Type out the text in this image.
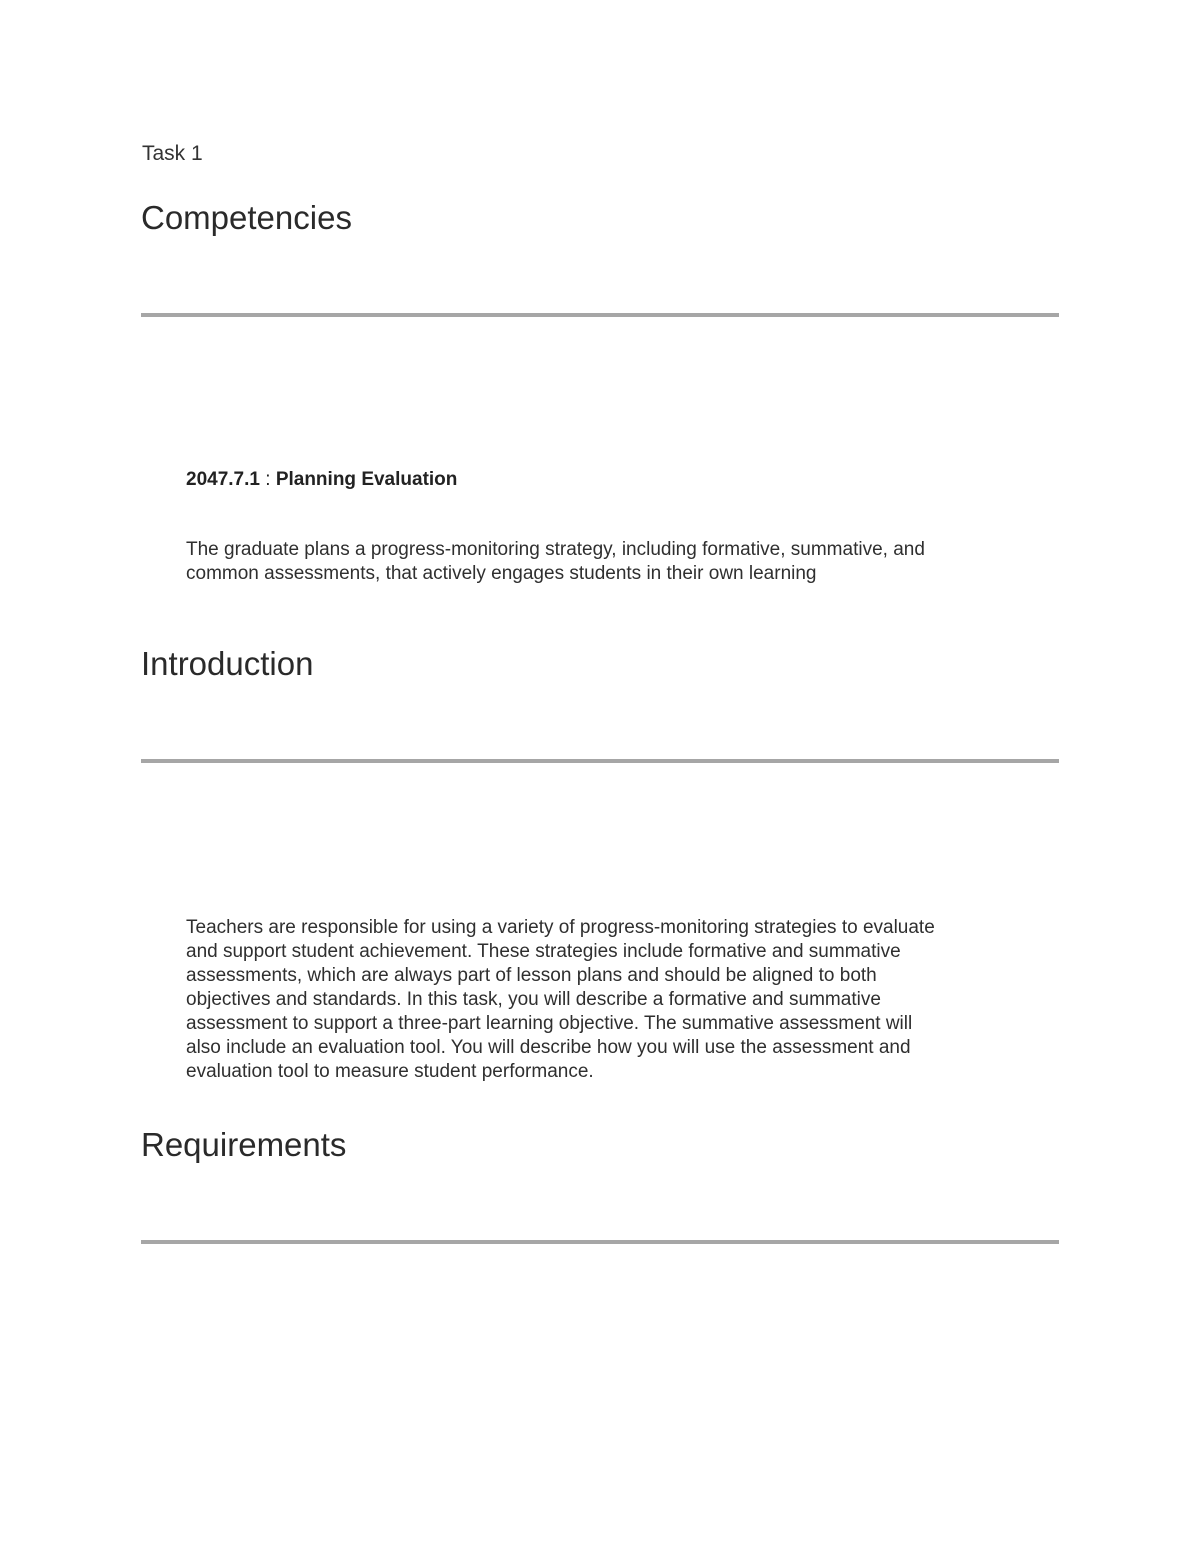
Task 1
Competencies
2047.7.1 : Planning Evaluation
The graduate plans a progress-monitoring strategy, including formative, summative, and
common assessments, that actively engages students in their own learning
Introduction
Teachers are responsible for using a variety of progress-monitoring strategies to evaluate
and support student achievement. These strategies include formative and summative
assessments, which are always part of lesson plans and should be aligned to both
objectives and standards. In this task, you will describe a formative and summative
assessment to support a three-part learning objective. The summative assessment will
also include an evaluation tool. You will describe how you will use the assessment and
evaluation tool to measure student performance.
Requirements
